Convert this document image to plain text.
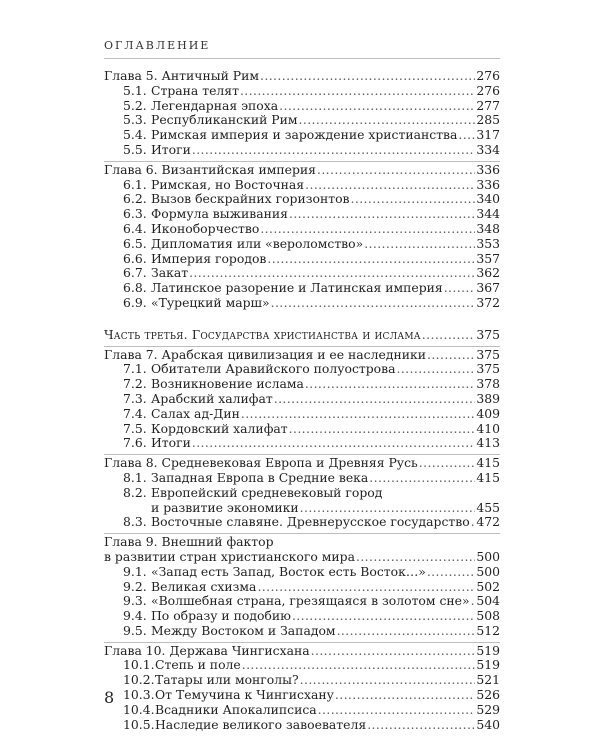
ОГЛАВЛЕНИЕ
Глава 5. Античный Рим .....	276
5.1. Страна телят .....	276
5.2. Легендарная эпоха .....	277
5.3. Республиканский Рим .....	285
5.4. Римская империя и зарождение христианства ..... 317
5.5. Итоги .....	334
Глава 6. Византийская империя .....	336
6.1. Римская, но Восточная .....	336
6.2. Вызов бескрайних горизонтов .....	340
6.3. Формула выживания .....	344
6.4. Иконоборчество .....	348
6.5. Дипломатия или «вероломство» .....	353
6.6. Империя городов .....	357
6.7. Закат .....	362
6.8. Латинское разорение и Латинская империя .....	367
6.9. «Турецкий марш» .....	372
Часть третья. Государства христианства и ислама .....	375
Глава 7. Арабская цивилизация и ее наследники .....	375
7.1. Обитатели Аравийского полуострова .....	375
7.2. Возникновение ислама .....	378
7.3. Арабский халифат .....	389
7.4. Салах ад-Дин .....	409
7.5. Кордовский халифат .....	410
7.6. Итоги .....	413
Глава 8. Средневековая Европа и Древняя Русь .....	415
8.1. Западная Европа в Средние века .....	415
8.2. Европейский средневековый город
и развитие экономики .....	455
8.3. Восточные славяне. Древнерусское государство ..... 472
Глава 9. Внешний фактор
в развитии стран христианского мира .....	500
9.1. «Запад есть Запад, Восток есть Восток…» .....	500
9.2. Великая схизма .....	502
9.3. «Волшебная страна, грезящаяся в золотом сне» ..... 504
9.4. По образу и подобию .....	508
9.5. Между Востоком и Западом .....	512
Глава 10. Держава Чингисхана .....	519
10.1. Степь и поле .....	519
10.2. Татары или монголы? .....	521
10.3. От Темучина к Чингисхану .....	526
10.4. Всадники Апокалипсиса .....	529
10.5. Наследие великого завоевателя .....	540
8
